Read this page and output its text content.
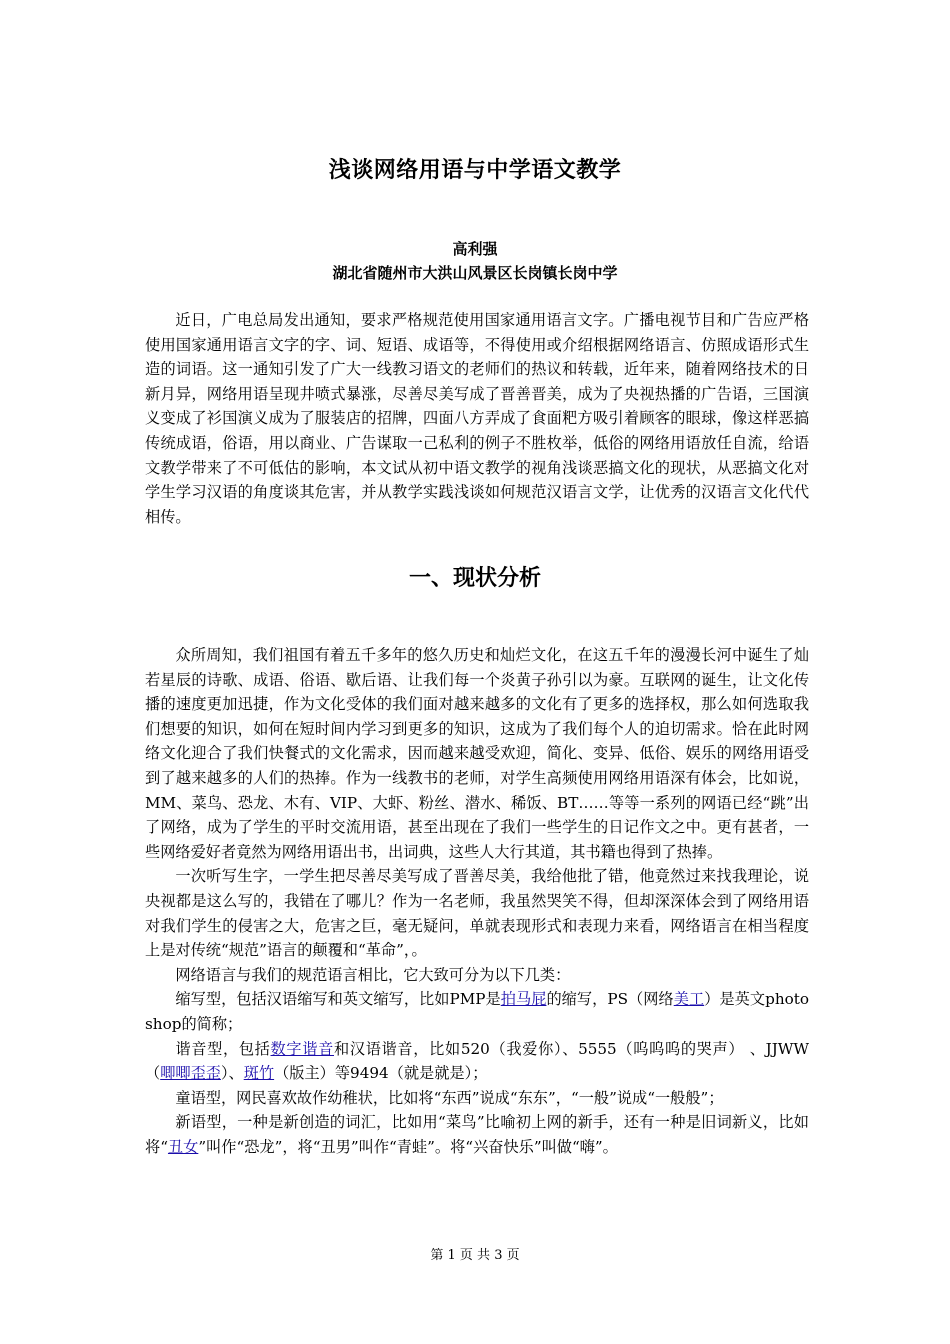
浅谈网络用语与中学语文教学
高利强
湖北省随州市大洪山风景区长岗镇长岗中学

近日，广电总局发出通知，要求严格规范使用国家通用语言文字。广播电视节目和广告应严格使用国家通用语言文字的字、词、短语、成语等，不得使用或介绍根据网络语言、仿照成语形式生造的词语。这一通知引发了广大一线教习语文的老师们的热议和转载，近年来，随着网络技术的日新月异，网络用语呈现井喷式暴涨，尽善尽美写成了晋善晋美，成为了央视热播的广告语，三国演义变成了衫国演义成为了服装店的招牌，四面八方弄成了食面粑方吸引着顾客的眼球，像这样恶搞传统成语，俗语，用以商业、广告谋取一己私利的例子不胜枚举，低俗的网络用语放任自流，给语文教学带来了不可低估的影响，本文试从初中语文教学的视角浅谈恶搞文化的现状，从恶搞文化对学生学习汉语的角度谈其危害，并从教学实践浅谈如何规范汉语言文学，让优秀的汉语言文化代代相传。

一、现状分析

众所周知，我们祖国有着五千多年的悠久历史和灿烂文化，在这五千年的漫漫长河中诞生了灿若星辰的诗歌、成语、俗语、歇后语、让我们每一个炎黄子孙引以为豪。互联网的诞生，让文化传播的速度更加迅捷，作为文化受体的我们面对越来越多的文化有了更多的选择权，那么如何选取我们想要的知识，如何在短时间内学习到更多的知识，这成为了我们每个人的迫切需求。恰在此时网络文化迎合了我们快餐式的文化需求，因而越来越受欢迎，简化、变异、低俗、娱乐的网络用语受到了越来越多的人们的热捧。作为一线教书的老师，对学生高频使用网络用语深有体会，比如说，MM、菜鸟、恐龙、木有、VIP、大虾、粉丝、潜水、稀饭、BT……等等一系列的网语已经“跳”出了网络，成为了学生的平时交流用语，甚至出现在了我们一些学生的日记作文之中。更有甚者，一些网络爱好者竟然为网络用语出书，出词典，这些人大行其道，其书籍也得到了热捧。

一次听写生字，一学生把尽善尽美写成了晋善尽美，我给他批了错，他竟然过来找我理论，说央视都是这么写的，我错在了哪儿？作为一名老师，我虽然哭笑不得，但却深深体会到了网络用语对我们学生的侵害之大，危害之巨，毫无疑问，单就表现形式和表现力来看，网络语言在相当程度上是对传统“规范”语言的颠覆和“革命”，。

网络语言与我们的规范语言相比，它大致可分为以下几类：

缩写型，包括汉语缩写和英文缩写，比如PMP是拍马屁的缩写，PS（网络美工）是英文photoshop的简称；

谐音型，包括数字谐音和汉语谐音，比如520（我爱你）、5555（呜呜呜的哭声） 、JJWW（唧唧歪歪）、斑竹（版主）等9494（就是就是）；

童语型，网民喜欢故作幼稚状，比如将“东西”说成“东东”，“一般”说成“一般般”；

新语型，一种是新创造的词汇，比如用“菜鸟”比喻初上网的新手，还有一种是旧词新义，比如将“丑女”叫作“恐龙”，将“丑男”叫作“青蛙”。将“兴奋快乐”叫做“嗨”。

第 1 页 共 3 页
